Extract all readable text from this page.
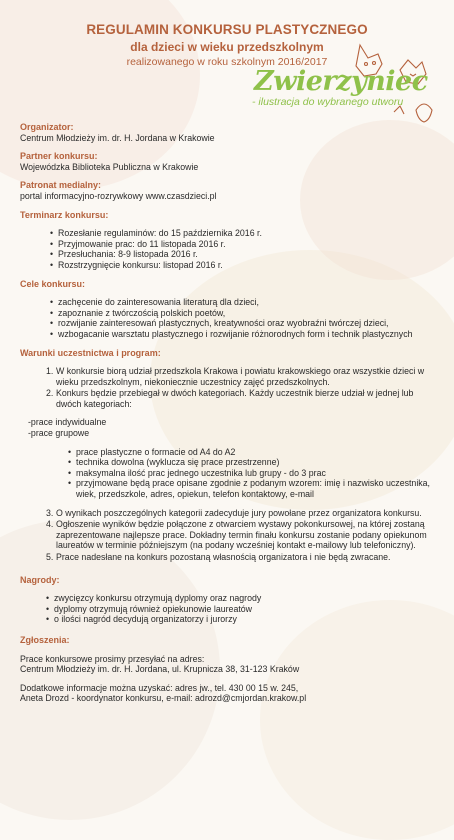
REGULAMIN KONKURSU PLASTYCZNEGO
dla dzieci w wieku przedszkolnym
realizowanego w roku szkolnym 2016/2017
Zwierzyniec
- ilustracja do wybranego utworu

Organizator:

Centrum Młodzieży im. dr. H. Jordana w Krakowie

Partner konkursu:

Wojewódzka Biblioteka Publiczna w Krakowie

Patronat medialny:

portal informacyjno-rozrywkowy www.czasdzieci.pl

Terminarz konkursu:

• Rozesłanie regulaminów: do 15 października 2016 r.
• Przyjmowanie prac: do 11 listopada 2016 r.
• Przesłuchania: 8-9 listopada 2016 r.
• Rozstrzygnięcie konkursu: listopad 2016 r.

Cele konkursu:

• zachęcenie do zainteresowania literaturą dla dzieci,
• zapoznanie z twórczością polskich poetów,
• rozwijanie zainteresowań plastycznych, kreatywności oraz wyobraźni twórczej dzieci,
• wzbogacanie warsztatu plastycznego i rozwijanie różnorodnych form i technik plastycznych

Warunki uczestnictwa i program:

1. W konkursie biorą udział przedszkola Krakowa i powiatu krakowskiego oraz wszystkie dzieci w wieku przedszkolnym, niekoniecznie uczestnicy zajęć przedszkolnych.
2. Konkurs będzie przebiegał w dwóch kategoriach. Każdy uczestnik bierze udział w jednej lub dwóch kategoriach:

-prace indywidualne

-prace grupowe

• prace plastyczne o formacie od A4 do A2
• technika dowolna (wykluczа się prace przestrzenne)
• maksymalna ilość prac jednego uczestnika lub grupy - do 3 prac
• przyjmowane będą prace opisane zgodnie z podanym wzorem: imię i nazwisko uczestnika, wiek, przedszkole, adres, opiekun, telefon kontaktowy, e-mail
3. O wynikach poszczególnych kategorii zadecyduje jury powołane przez organizatora konkursu.
4. Ogłoszenie wyników będzie połączone z otwarciem wystawy pokonkursowej, na której zostaną zaprezentowane najlepsze prace. Dokładny termin finału konkursu zostanie podany opiekunom laureatów w terminie późniejszym (na podany wcześniej kontakt e-mailowy lub telefoniczny).
5. Prace nadesłane na konkurs pozostaną własnością organizatora i nie będą zwracane.

Nagrody:

• zwycięzcy konkursu otrzymują dyplomy oraz nagrody
• dyplomy otrzymują również opiekunowie laureatów
• o ilości nagród decydują organizatorzy i jurorzy

Zgłoszenia:

Prace konkursowe prosimy przesyłać na adres:

Centrum Młodzieży im. dr. H. Jordana, ul. Krupnicza 38, 31-123 Kraków

Dodatkowe informacje można uzyskać: adres jw., tel. 430 00 15 w. 245,

Aneta Drozd - koordynator konkursu, e-mail: adrozd@cmjordan.krakow.pl
